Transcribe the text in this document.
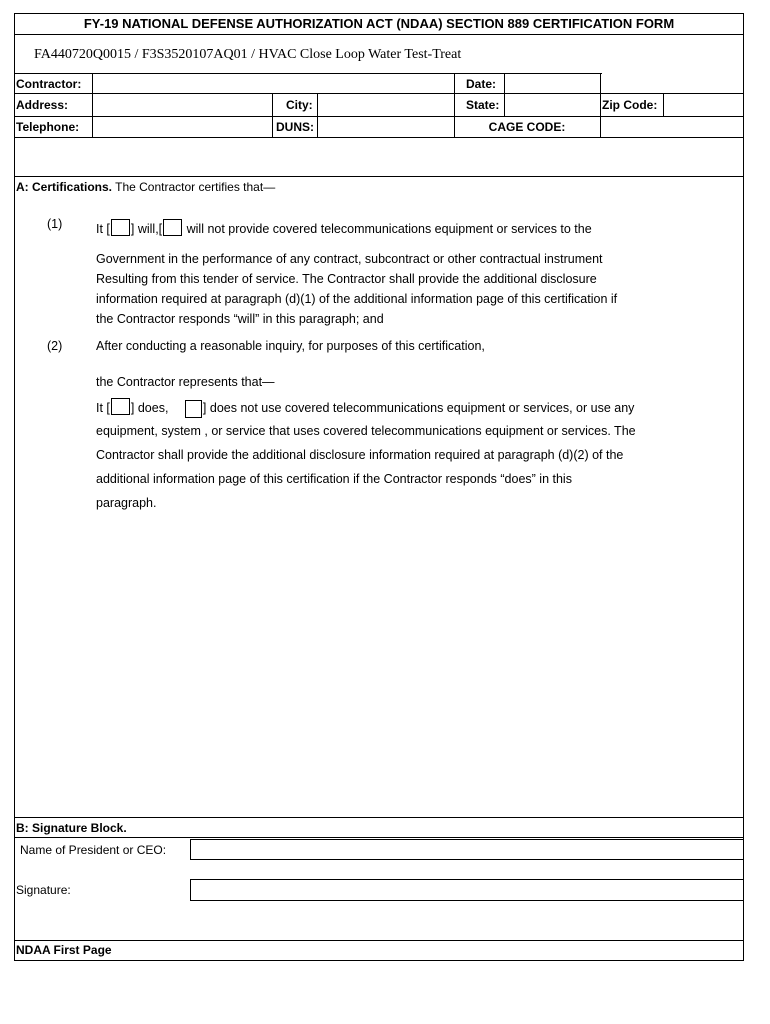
FY-19 NATIONAL DEFENSE AUTHORIZATION ACT (NDAA) SECTION 889 CERTIFICATION FORM
FA440720Q0015 / F3S3520107AQ01 / HVAC Close Loop Water Test-Treat
Contractor:	Date:
Address:	City:	State:	Zip Code:
Telephone:	DUNS:	CAGE CODE:
A: Certifications. The Contractor certifies that—
(1)	It [ ] will,[ will not provide covered telecommunications equipment or services to the
Government in the performance of any contract, subcontract or other contractual instrument
Resulting from this tender of service. The Contractor shall provide the additional disclosure
information required at paragraph (d)(1) of the additional information page of this certification if
the Contractor responds “will” in this paragraph; and
(2)	After conducting a reasonable inquiry, for purposes of this certification,
the Contractor represents that—
It [ ] does,	] does not use covered telecommunications equipment or services, or use any
equipment, system , or service that uses covered telecommunications equipment or services. The
Contractor shall provide the additional disclosure information required at paragraph (d)(2) of the
additional information page of this certification if the Contractor responds “does” in this
paragraph.
B: Signature Block.
Name of President or CEO:
Signature:
NDAA First Page
